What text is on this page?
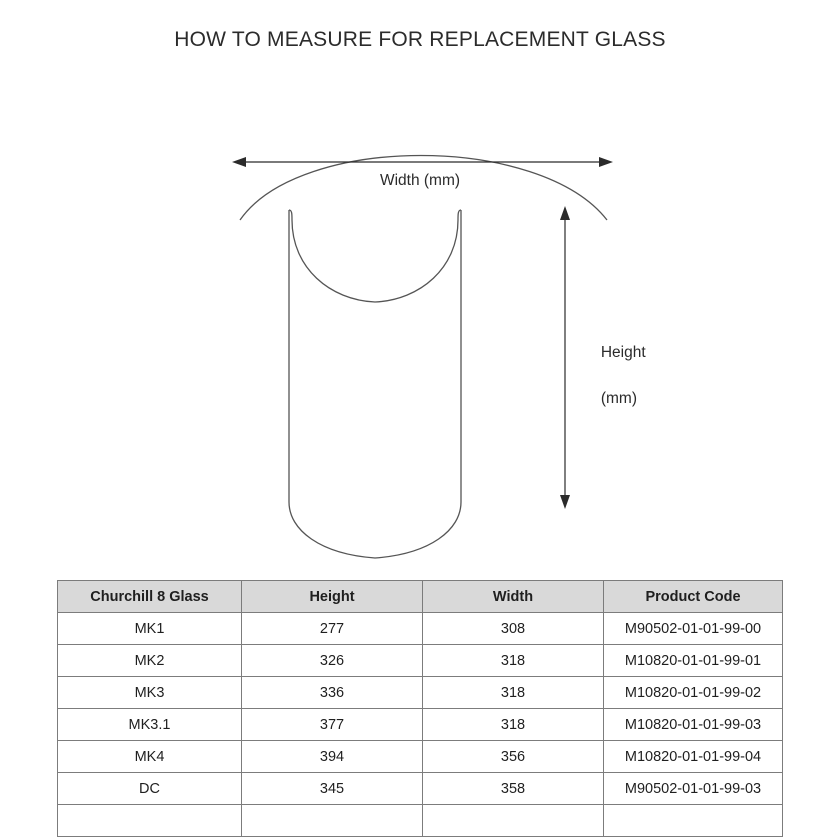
HOW TO MEASURE FOR REPLACEMENT GLASS
Width (mm)

Height

(mm)

Churchill 8 Glass	Height	Width	Product Code
MK1	277	308	M90502-01-01-99-00
MK2	326	318	M10820-01-01-99-01
MK3	336	318	M10820-01-01-99-02
MK3.1	377	318	M10820-01-01-99-03
MK4	394	356	M10820-01-01-99-04
DC	345	358	M90502-01-01-99-03
